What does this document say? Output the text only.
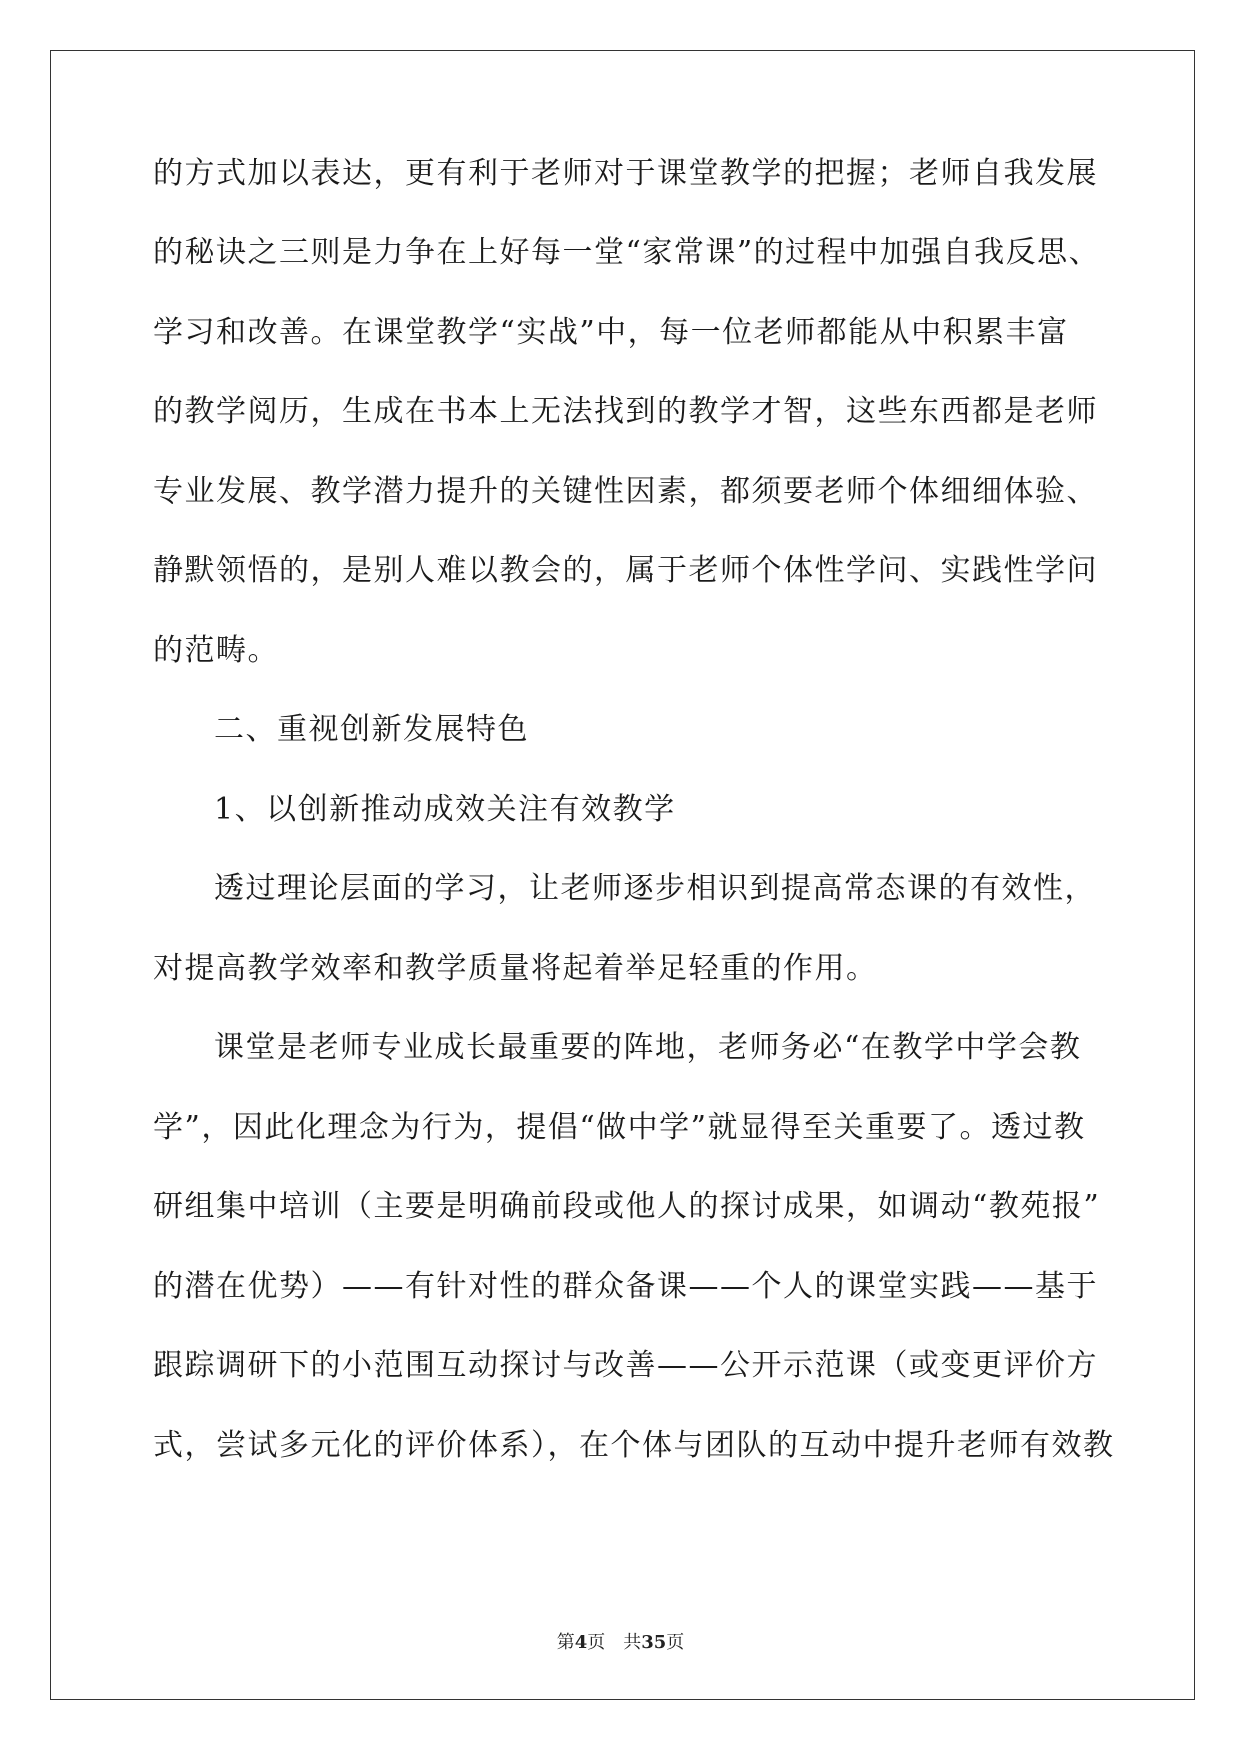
的方式加以表达，更有利于老师对于课堂教学的把握；老师自我发展
的秘诀之三则是力争在上好每一堂“家常课”的过程中加强自我反思、
学习和改善。在课堂教学“实战”中，每一位老师都能从中积累丰富
的教学阅历，生成在书本上无法找到的教学才智，这些东西都是老师
专业发展、教学潜力提升的关键性因素，都须要老师个体细细体验、
静默领悟的，是别人难以教会的，属于老师个体性学问、实践性学问
的范畴。
二、重视创新发展特色
1、以创新推动成效关注有效教学
透过理论层面的学习，让老师逐步相识到提高常态课的有效性，
对提高教学效率和教学质量将起着举足轻重的作用。
课堂是老师专业成长最重要的阵地，老师务必“在教学中学会教
学”，因此化理念为行为，提倡“做中学”就显得至关重要了。透过教
研组集中培训（主要是明确前段或他人的探讨成果，如调动“教苑报”
的潜在优势）——有针对性的群众备课——个人的课堂实践——基于
跟踪调研下的小范围互动探讨与改善——公开示范课（或变更评价方
式，尝试多元化的评价体系），在个体与团队的互动中提升老师有效教
第4页 共35页
